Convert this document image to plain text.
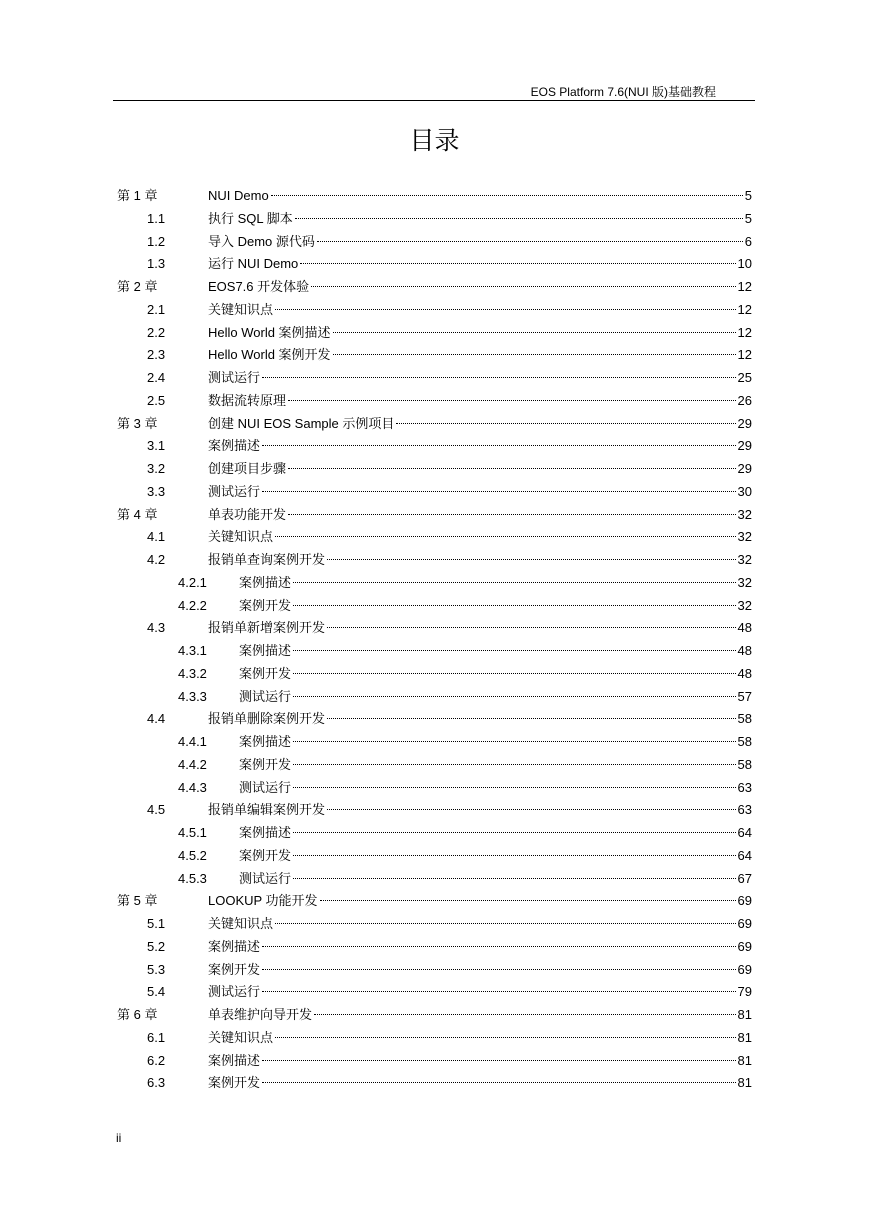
EOS Platform 7.6(NUI 版)基础教程
目录
第 1 章	NUI Demo	5
1.1	执行 SQL 脚本	5
1.2	导入 Demo 源代码	6
1.3	运行 NUI Demo	10
第 2 章	EOS7.6 开发体验	12
2.1	关键知识点	12
2.2	Hello World 案例描述	12
2.3	Hello World 案例开发	12
2.4	测试运行	25
2.5	数据流转原理	26
第 3 章	创建 NUI EOS Sample 示例项目	29
3.1	案例描述	29
3.2	创建项目步骤	29
3.3	测试运行	30
第 4 章	单表功能开发	32
4.1	关键知识点	32
4.2	报销单查询案例开发	32
4.2.1 案例描述	32
4.2.2 案例开发	32
4.3	报销单新增案例开发	48
4.3.1 案例描述	48
4.3.2 案例开发	48
4.3.3 测试运行	57
4.4	报销单删除案例开发	58
4.4.1 案例描述	58
4.4.2 案例开发	58
4.4.3 测试运行	63
4.5	报销单编辑案例开发	63
4.5.1 案例描述	64
4.5.2 案例开发	64
4.5.3 测试运行	67
第 5 章	LOOKUP 功能开发	69
5.1	关键知识点	69
5.2	案例描述	69
5.3	案例开发	69
5.4	测试运行	79
第 6 章	单表维护向导开发	81
6.1	关键知识点	81
6.2	案例描述	81
6.3	案例开发	81
ii
